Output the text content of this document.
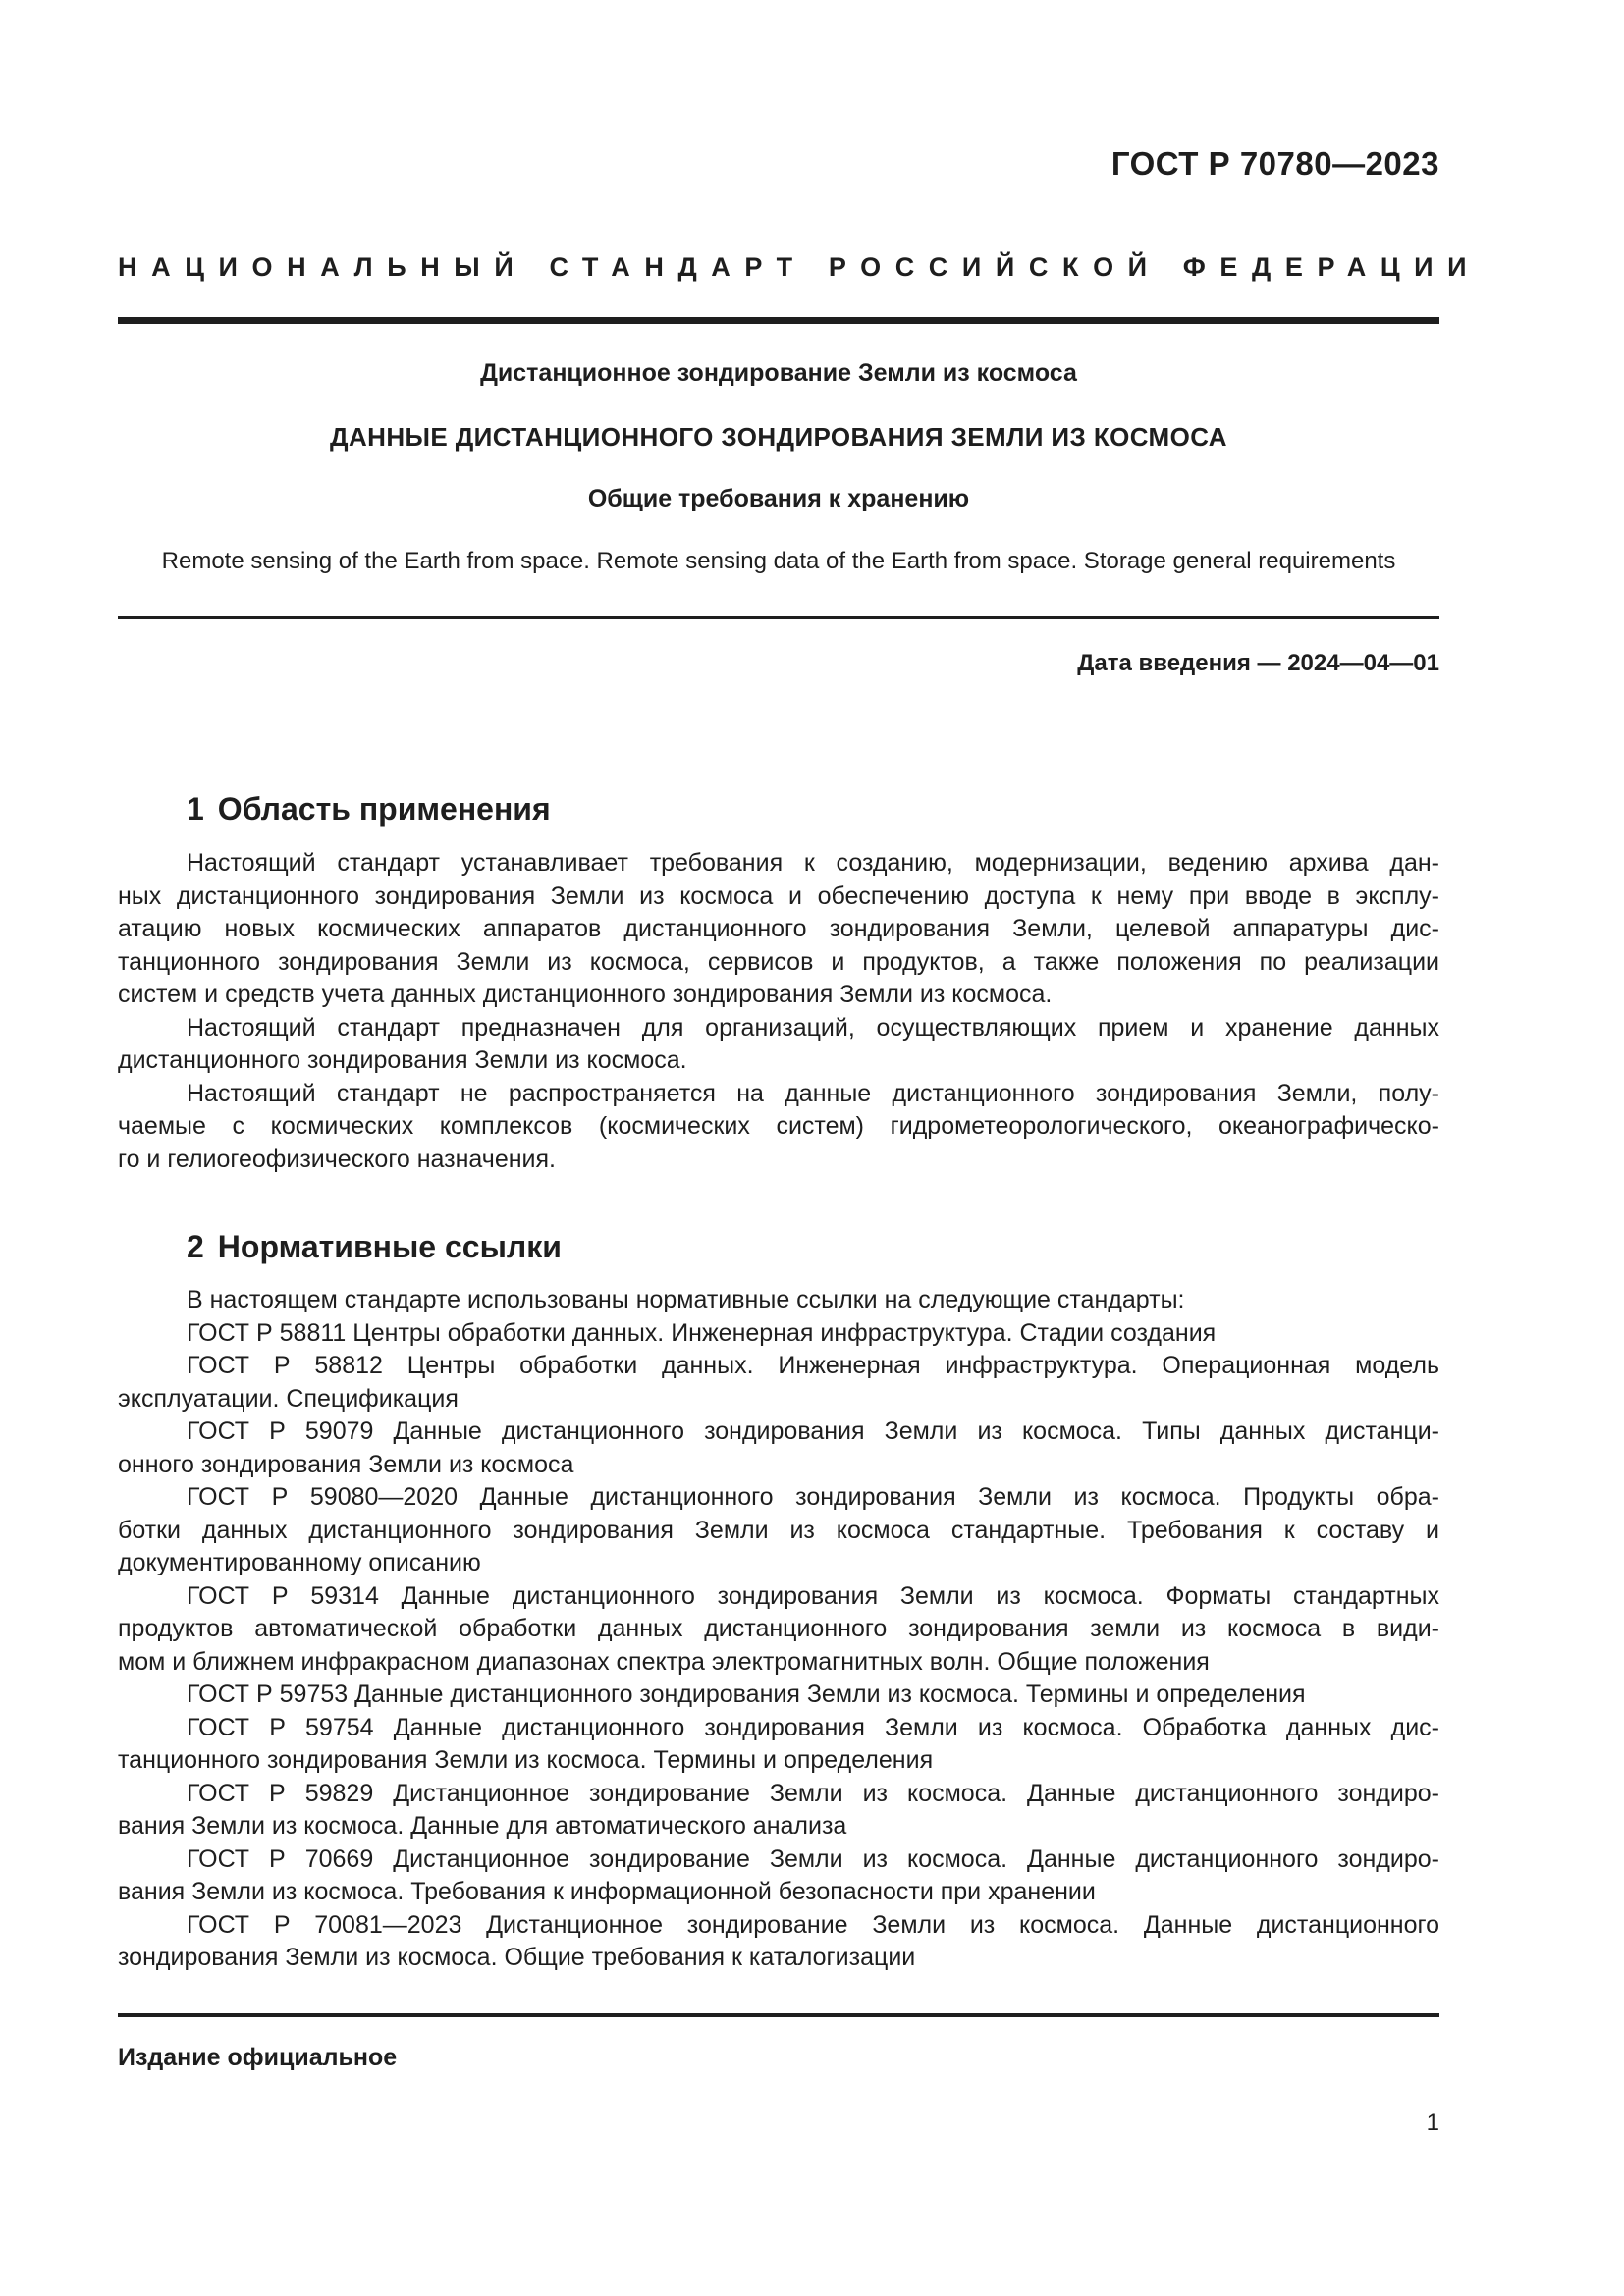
ГОСТ Р 70780—2023
НАЦИОНАЛЬНЫЙ СТАНДАРТ РОССИЙСКОЙ ФЕДЕРАЦИИ
Дистанционное зондирование Земли из космоса
ДАННЫЕ ДИСТАНЦИОННОГО ЗОНДИРОВАНИЯ ЗЕМЛИ ИЗ КОСМОСА
Общие требования к хранению
Remote sensing of the Earth from space. Remote sensing data of the Earth from space. Storage general requirements
Дата введения — 2024—04—01
1 Область применения
Настоящий стандарт устанавливает требования к созданию, модернизации, ведению архива дан-
ных дистанционного зондирования Земли из космоса и обеспечению доступа к нему при вводе в эксплу-
атацию новых космических аппаратов дистанционного зондирования Земли, целевой аппаратуры дис-
танционного зондирования Земли из космоса, сервисов и продуктов, а также положения по реализации
систем и средств учета данных дистанционного зондирования Земли из космоса.
Настоящий стандарт предназначен для организаций, осуществляющих прием и хранение данных
дистанционного зондирования Земли из космоса.
Настоящий стандарт не распространяется на данные дистанционного зондирования Земли, полу-
чаемые с космических комплексов (космических систем) гидрометеорологического, океанографическо-
го и гелиогеофизического назначения.
2 Нормативные ссылки
В настоящем стандарте использованы нормативные ссылки на следующие стандарты:
ГОСТ Р 58811 Центры обработки данных. Инженерная инфраструктура. Стадии создания
ГОСТ Р 58812 Центры обработки данных. Инженерная инфраструктура. Операционная модель
эксплуатации. Спецификация
ГОСТ Р 59079 Данные дистанционного зондирования Земли из космоса. Типы данных дистанци-
онного зондирования Земли из космоса
ГОСТ Р 59080—2020 Данные дистанционного зондирования Земли из космоса. Продукты обра-
ботки данных дистанционного зондирования Земли из космоса стандартные. Требования к составу и
документированному описанию
ГОСТ Р 59314 Данные дистанционного зондирования Земли из космоса. Форматы стандартных
продуктов автоматической обработки данных дистанционного зондирования земли из космоса в види-
мом и ближнем инфракрасном диапазонах спектра электромагнитных волн. Общие положения
ГОСТ Р 59753 Данные дистанционного зондирования Земли из космоса. Термины и определения
ГОСТ Р 59754 Данные дистанционного зондирования Земли из космоса. Обработка данных дис-
танционного зондирования Земли из космоса. Термины и определения
ГОСТ Р 59829 Дистанционное зондирование Земли из космоса. Данные дистанционного зондиро-
вания Земли из космоса. Данные для автоматического анализа
ГОСТ Р 70669 Дистанционное зондирование Земли из космоса. Данные дистанционного зондиро-
вания Земли из космоса. Требования к информационной безопасности при хранении
ГОСТ Р 70081—2023 Дистанционное зондирование Земли из космоса. Данные дистанционного
зондирования Земли из космоса. Общие требования к каталогизации
Издание официальное
1
